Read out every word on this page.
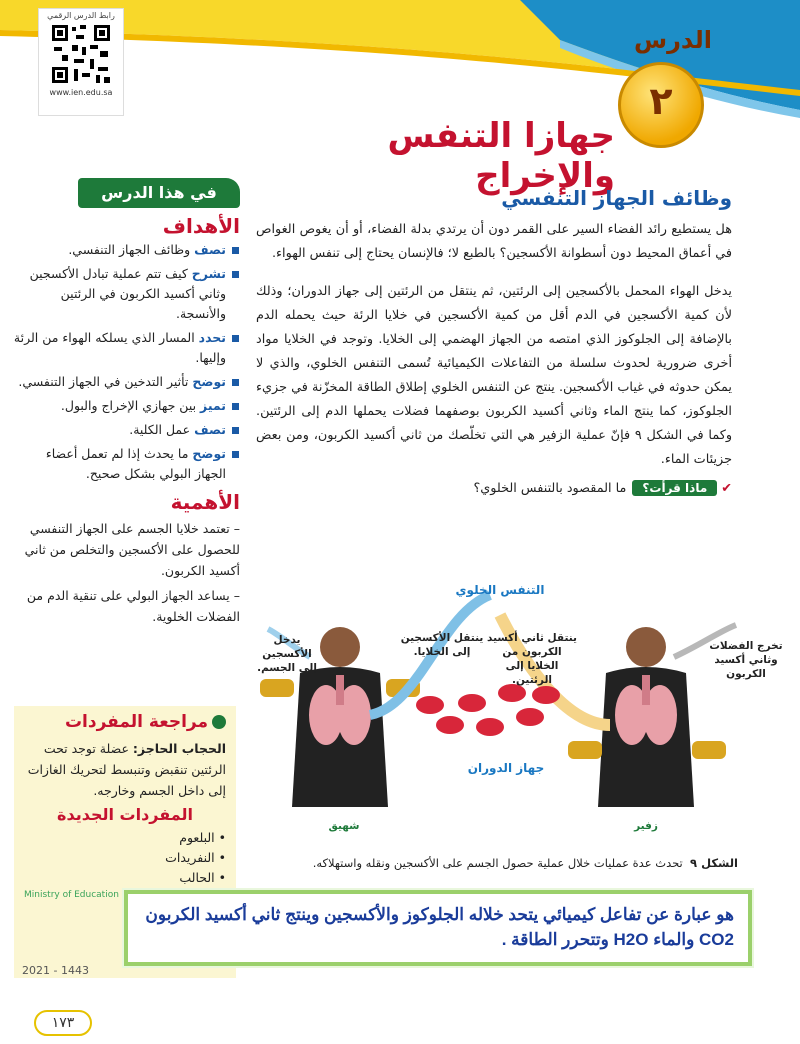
رابط الدرس الرقمي
www.ien.edu.sa
الدرس
٢
جهازا التنفس والإخراج
في هذا الدرس
الأهداف
تصف وظائف الجهاز التنفسي.
تشرح كيف تتم عملية تبادل الأكسجين وثاني أكسيد الكربون في الرئتين والأنسجة.
تحدد المسار الذي يسلكه الهواء من الرئة وإليها.
توضح تأثير التدخين في الجهاز التنفسي.
تميز بين جهازي الإخراج والبول.
تصف عمل الكلية.
توضح ما يحدث إذا لم تعمل أعضاء الجهاز البولي بشكل صحيح.
الأهمية
– تعتمد خلايا الجسم على الجهاز التنفسي للحصول على الأكسجين والتخلص من ثاني أكسيد الكربون.
– يساعد الجهاز البولي على تنقية الدم من الفضلات الخلوية.
مراجعة المفردات
الحجاب الحاجز: عضلة توجد تحت الرئتين تنقبض وتنبسط لتحريك الغازات إلى داخل الجسم وخارجه.
المفردات الجديدة
• البلعوم
• النفريدات
• الحالب
Ministry of Education
2021 - 1443
١٧٣
وظائف الجهاز التنفسي

هل يستطيع رائد الفضاء السير على القمر دون أن يرتدي بدلة الفضاء، أو أن يغوص الغواص في أعماق المحيط دون أسطوانة الأكسجين؟ بالطبع لا؛ فالإنسان يحتاج إلى تنفس الهواء.

يدخل الهواء المحمل بالأكسجين إلى الرئتين، ثم ينتقل من الرئتين إلى جهاز الدوران؛ وذلك لأن كمية الأكسجين في الدم أقل من كمية الأكسجين في خلايا الرئة حيث يحمله الدم بالإضافة إلى الجلوكوز الذي امتصه من الجهاز الهضمي إلى الخلايا. وتوجد في الخلايا مواد أخرى ضرورية لحدوث سلسلة من التفاعلات الكيميائية تُسمى التنفس الخلوي، والذي لا يمكن حدوثه في غياب الأكسجين. ينتج عن التنفس الخلوي إطلاق الطاقة المخزّنة في جزيء الجلوكوز، كما ينتج الماء وثاني أكسيد الكربون بوصفهما فضلات يحملها الدم إلى الرئتين. وكما في الشكل ٩ فإنّ عملية الزفير هي التي تخلّصك من ثاني أكسيد الكربون، ومن بعض جزيئات الماء.

✔ماذا قرأت؟ما المقصود بالتنفس الخلوي؟
التنفس الخلوي
جهاز الدوران
يدخل الأكسجين إلى الجسم.
ينتقل الأكسجين إلى الخلايا.
ينتقل ثاني أكسيد الكربون من الخلايا إلى الرئتين.
تخرج الفضلات وثاني أكسيد الكربون
شهيق	زفير
الشكل ٩  تحدث عدة عمليات خلال عملية حصول الجسم على الأكسجين ونقله واستهلاكه.
هو عبارة عن تفاعل كيميائي يتحد خلاله الجلوكوز والأكسجين وينتج ثاني أكسيد الكربون CO2 والماء H2O وتتحرر الطاقة .
